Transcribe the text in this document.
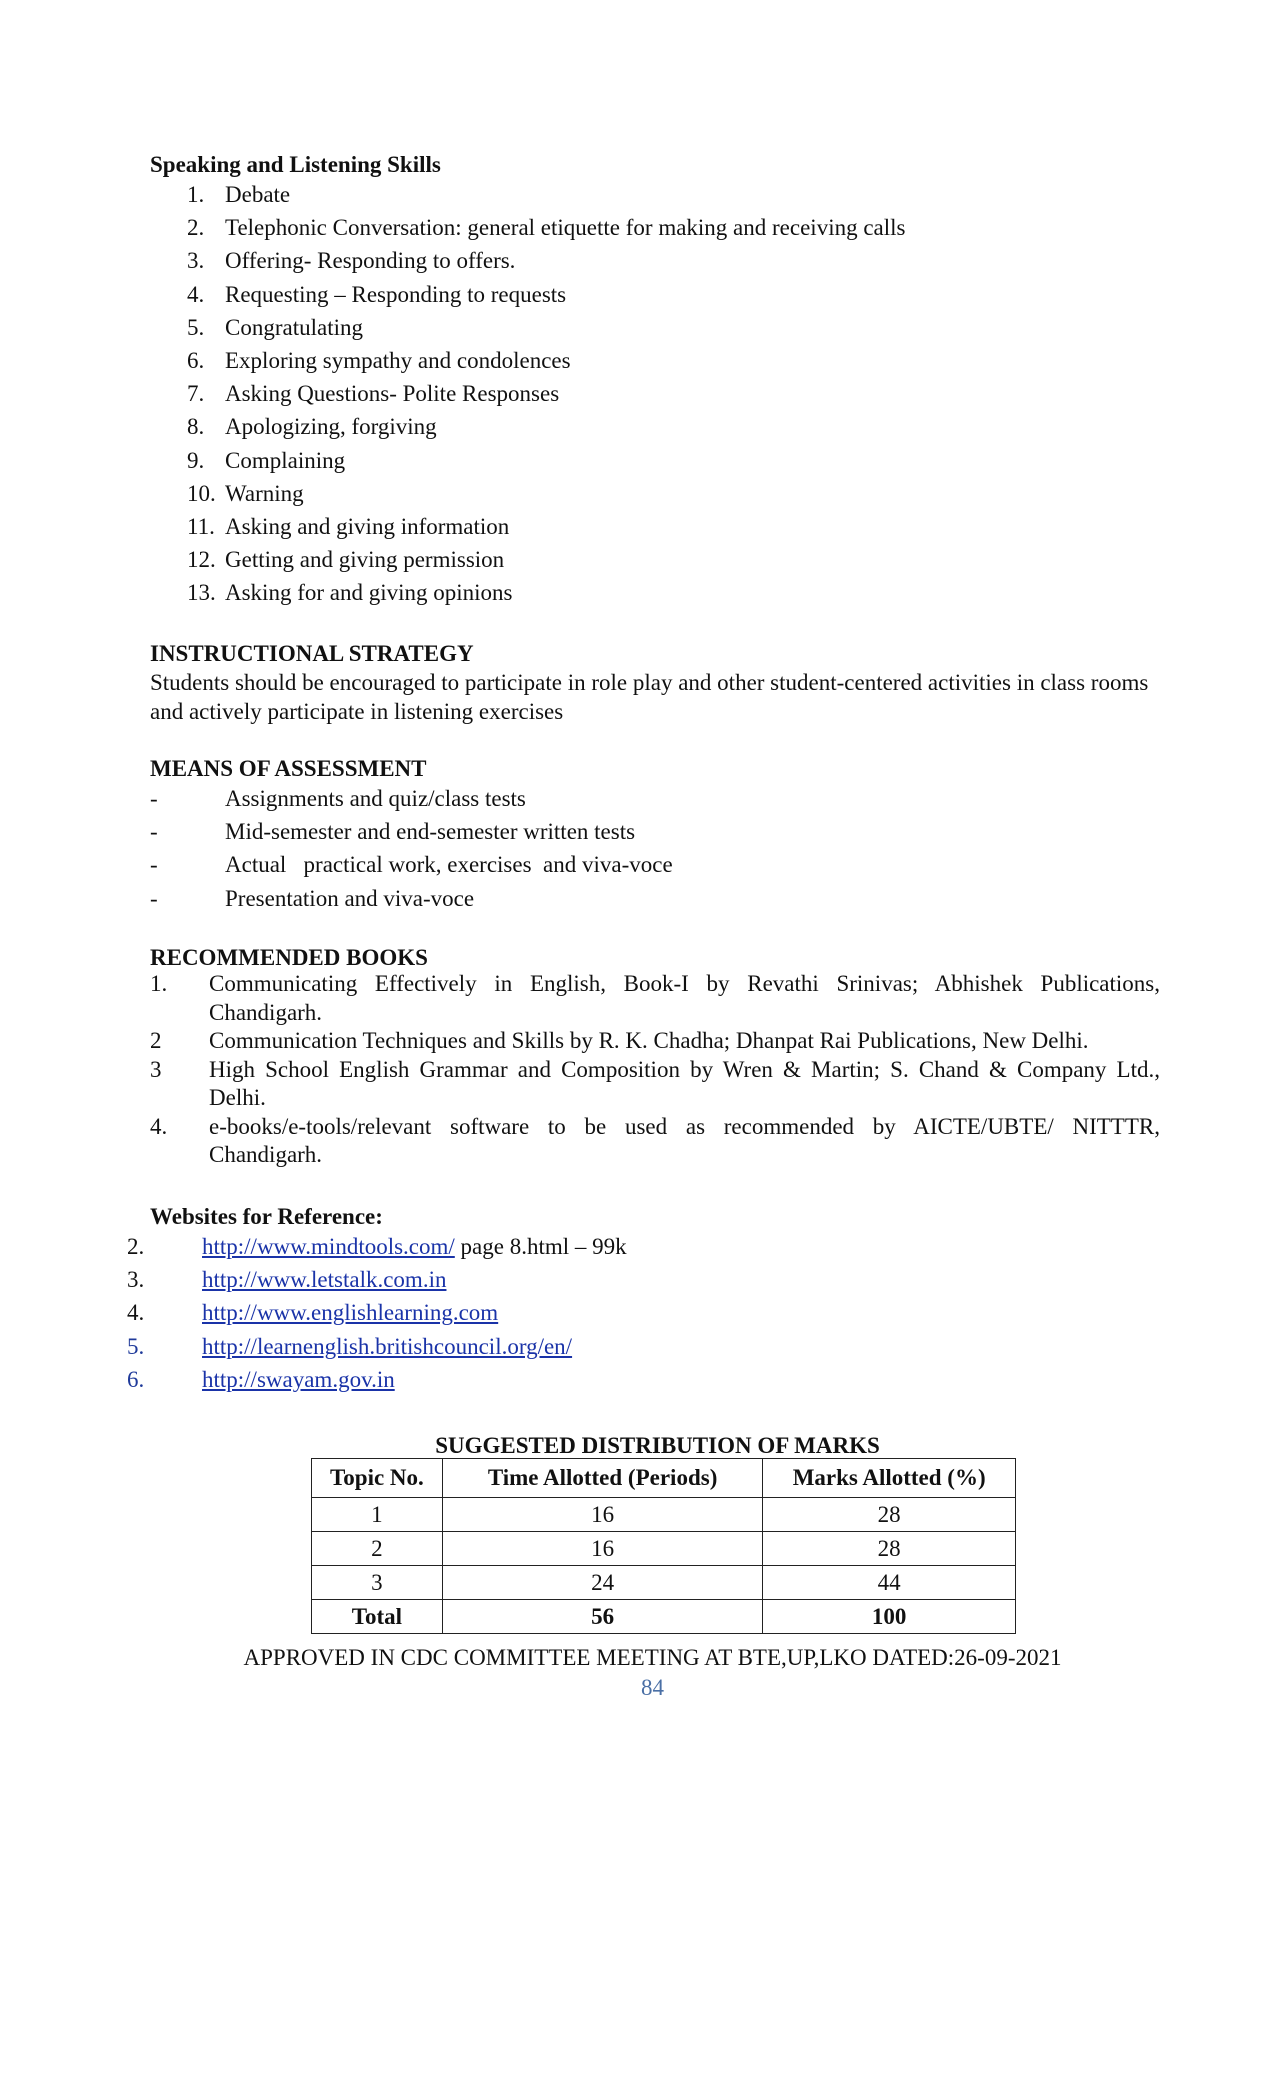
Speaking and Listening Skills
1. Debate
2. Telephonic Conversation: general etiquette for making and receiving calls
3. Offering- Responding to offers.
4. Requesting – Responding to requests
5. Congratulating
6. Exploring sympathy and condolences
7. Asking Questions- Polite Responses
8. Apologizing, forgiving
9. Complaining
10. Warning
11. Asking and giving information
12. Getting and giving permission
13. Asking for and giving opinions
INSTRUCTIONAL STRATEGY
Students should be encouraged to participate in role play and other student-centered activities in class rooms and actively participate in listening exercises
MEANS OF ASSESSMENT
-	Assignments and quiz/class tests
-	Mid-semester and end-semester written tests
-	Actual   practical work, exercises  and viva-voce
-	Presentation and viva-voce
RECOMMENDED BOOKS
1.	Communicating Effectively in English, Book-I by Revathi Srinivas; Abhishek Publications, Chandigarh.
2	Communication Techniques and Skills by R. K. Chadha; Dhanpat Rai Publications, New Delhi.
3	High School English Grammar and Composition by Wren & Martin; S. Chand & Company Ltd., Delhi.
4.	e-books/e-tools/relevant software to be used as recommended by AICTE/UBTE/ NITTTR, Chandigarh.
Websites for Reference:
2.	http://www.mindtools.com/ page 8.html – 99k
3.	http://www.letstalk.com.in
4.	http://www.englishlearning.com
5.	http://learnenglish.britishcouncil.org/en/
6.	http://swayam.gov.in
SUGGESTED DISTRIBUTION OF MARKS
Topic No.	Time Allotted (Periods)	Marks Allotted (%)
1	16	28
2	16	28
3	24	44
Total	56	100
APPROVED IN CDC COMMITTEE MEETING AT BTE,UP,LKO DATED:26-09-2021
84
